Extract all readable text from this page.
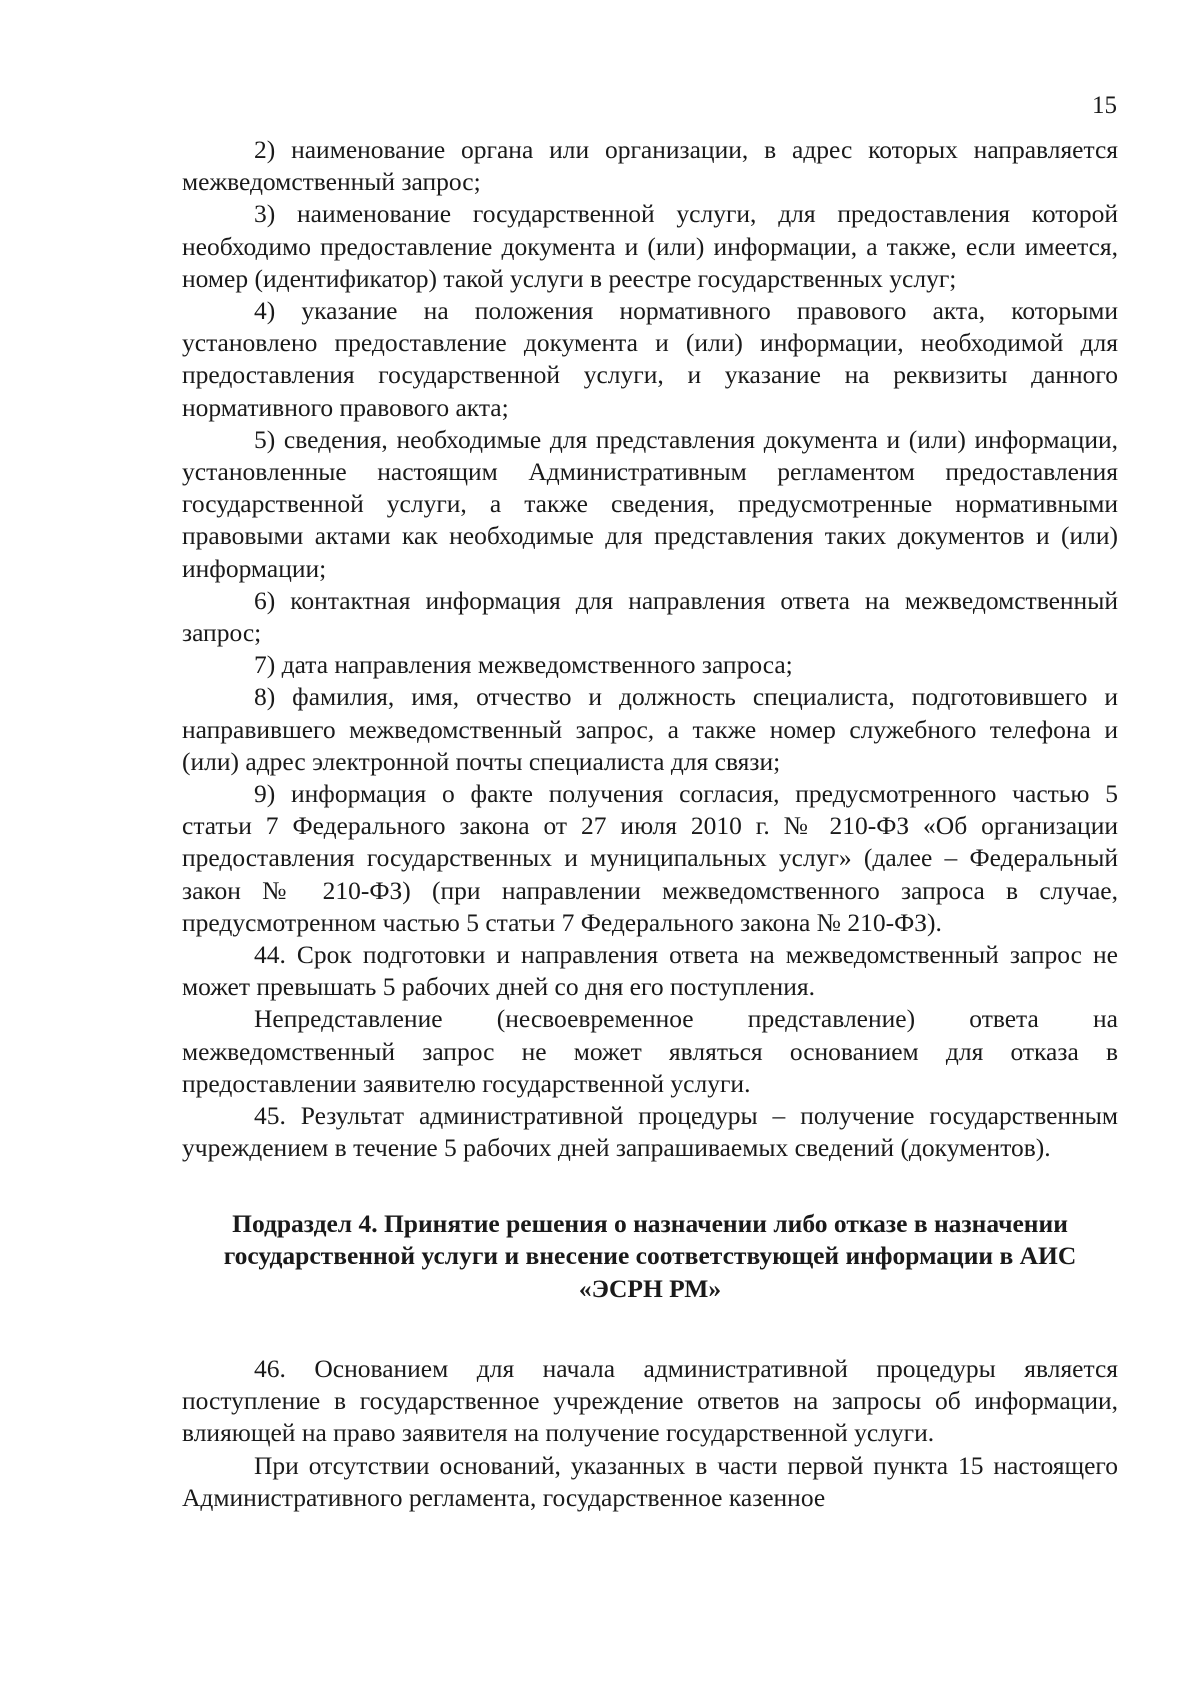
15

2) наименование органа или организации, в адрес которых направляется межведомственный запрос;

3) наименование государственной услуги, для предоставления которой необходимо предоставление документа и (или) информации, а также, если имеется, номер (идентификатор) такой услуги в реестре государственных услуг;

4) указание на положения нормативного правового акта, которыми установлено предоставление документа и (или) информации, необходимой для предоставления государственной услуги, и указание на реквизиты данного нормативного правового акта;

5) сведения, необходимые для представления документа и (или) информации, установленные настоящим Административным регламентом предоставления государственной услуги, а также сведения, предусмотренные нормативными правовыми актами как необходимые для представления таких документов и (или) информации;

6) контактная информация для направления ответа на межведомственный запрос;

7) дата направления межведомственного запроса;

8) фамилия, имя, отчество и должность специалиста, подготовившего и направившего межведомственный запрос, а также номер служебного телефона и (или) адрес электронной почты специалиста для связи;

9) информация о факте получения согласия, предусмотренного частью 5 статьи 7 Федерального закона от 27 июля 2010 г. № 210-ФЗ «Об организации предоставления государственных и муниципальных услуг» (далее – Федеральный закон № 210-ФЗ) (при направлении межведомственного запроса в случае, предусмотренном частью 5 статьи 7 Федерального закона № 210-ФЗ).

44. Срок подготовки и направления ответа на межведомственный запрос не может превышать 5 рабочих дней со дня его поступления.

Непредставление (несвоевременное представление) ответа на межведомственный запрос не может являться основанием для отказа в предоставлении заявителю государственной услуги.

45. Результат административной процедуры – получение государственным учреждением в течение 5 рабочих дней запрашиваемых сведений (документов).

Подраздел 4. Принятие решения о назначении либо отказе в назначении государственной услуги и внесение соответствующей информации в АИС «ЭСРН РМ»

46. Основанием для начала административной процедуры является поступление в государственное учреждение ответов на запросы об информации, влияющей на право заявителя на получение государственной услуги.

При отсутствии оснований, указанных в части первой пункта 15 настоящего Административного регламента, государственное казенное
